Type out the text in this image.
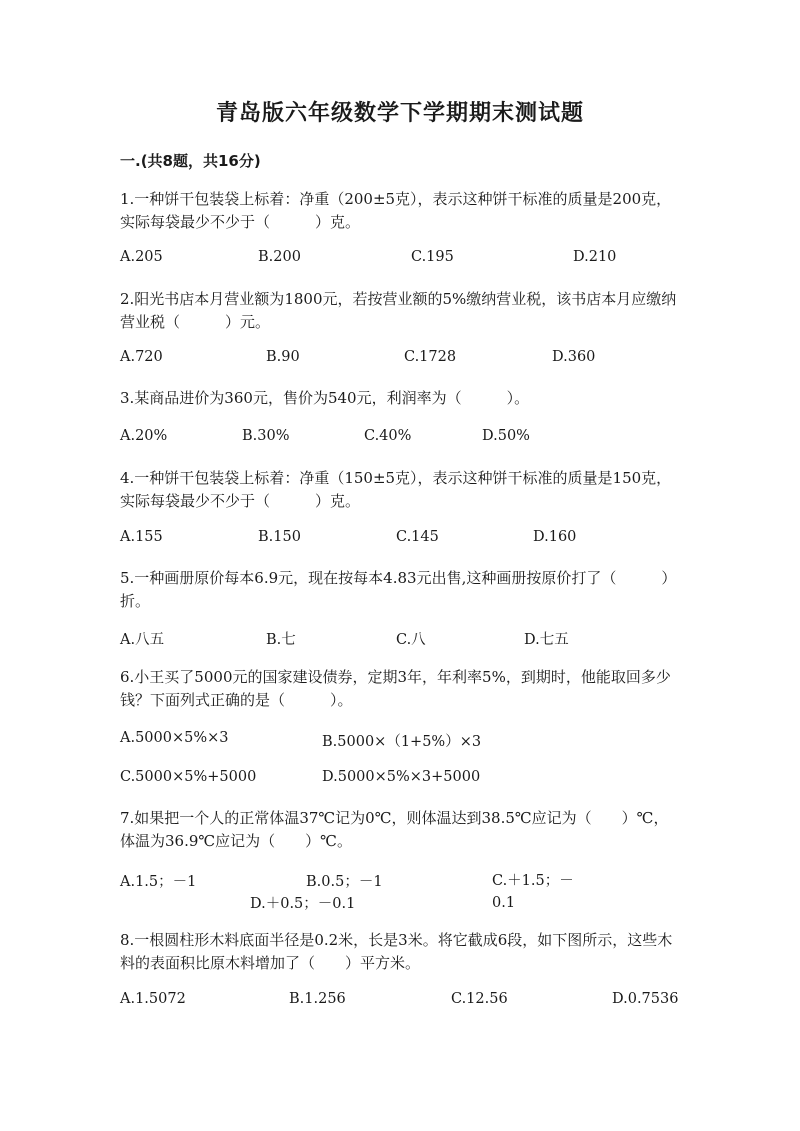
青岛版六年级数学下学期期末测试题
一.(共8题，共16分)
1.一种饼干包装袋上标着：净重（200±5克），表示这种饼干标准的质量是200克，实际每袋最少不少于（　　　）克。
A.205	B.200	C.195	D.210
2.阳光书店本月营业额为1800元，若按营业额的5%缴纳营业税，该书店本月应缴纳营业税（　　　）元。
A.720	B.90	C.1728	D.360
3.某商品进价为360元，售价为540元，利润率为（　　　）。
A.20%	B.30%	C.40%	D.50%
4.一种饼干包装袋上标着：净重（150±5克），表示这种饼干标准的质量是150克，实际每袋最少不少于（　　　）克。
A.155	B.150	C.145	D.160
5.一种画册原价每本6.9元，现在按每本4.83元出售,这种画册按原价打了（　　　）折。
A.八五	B.七	C.八	D.七五
6.小王买了5000元的国家建设债券，定期3年，年利率5%，到期时，他能取回多少钱？下面列式正确的是（　　　）。
A.5000×5%×3	B.5000×（1+5%）×3
C.5000×5%+5000	D.5000×5%×3+5000
7.如果把一个人的正常体温37℃记为0℃，则体温达到38.5℃应记为（　　）℃，体温为36.9℃应记为（　　）℃。
A.1.5；－1	B.0.5；－1	C.＋1.5；－0.1
D.＋0.5；－0.1
8.一根圆柱形木料底面半径是0.2米，长是3米。将它截成6段，如下图所示，这些木料的表面积比原木料增加了（　　）平方米。
A.1.5072	B.1.256	C.12.56	D.0.7536
